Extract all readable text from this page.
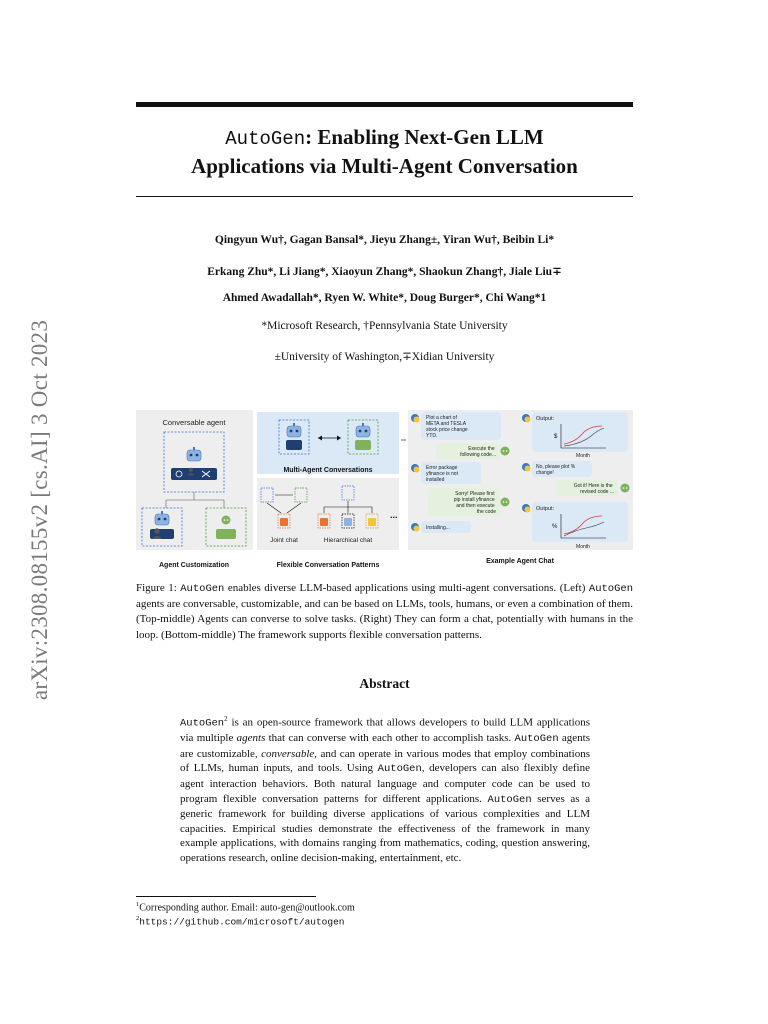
arXiv:2308.08155v2 [cs.AI] 3 Oct 2023
AutoGen: Enabling Next-Gen LLM
Applications via Multi-Agent Conversation
Qingyun Wu†, Gagan Bansal*, Jieyu Zhang±, Yiran Wu†, Beibin Li*
Erkang Zhu*, Li Jiang*, Xiaoyun Zhang*, Shaokun Zhang†, Jiale Liu∓
Ahmed Awadallah*, Ryen W. White*, Doug Burger*, Chi Wang*1
*Microsoft Research, †Pennsylvania State University
±University of Washington,∓Xidian University
Conversable agent
Agent Customization
Multi-Agent Conversations
Joint chat	Hierarchical chat
...
Flexible Conversation Patterns
Plot a chart of META and TESLA stock price change YTD.
Execute the following code...
Error package yfinance is not installed
Sorry! Please first pip install yfinance and then execute the code
Installing...
Output:
$
Month
No, please plot % change!
Got it! Here is the revised code ...
Output:
%
Month
Example Agent Chat
Figure 1: AutoGen enables diverse LLM-based applications using multi-agent conversations. (Left) AutoGen agents are conversable, customizable, and can be based on LLMs, tools, humans, or even a combination of them. (Top-middle) Agents can converse to solve tasks. (Right) They can form a chat, potentially with humans in the loop. (Bottom-middle) The framework supports flexible conversation patterns.
Abstract
AutoGen$^2$ is an open-source framework that allows developers to build LLM applications via multiple agents that can converse with each other to accomplish tasks. AutoGen agents are customizable, conversable, and can operate in various modes that employ combinations of LLMs, human inputs, and tools. Using AutoGen, developers can also flexibly define agent interaction behaviors. Both natural language and computer code can be used to program flexible conversation patterns for different applications. AutoGen serves as a generic framework for building diverse applications of various complexities and LLM capacities. Empirical studies demonstrate the effectiveness of the framework in many example applications, with domains ranging from mathematics, coding, question answering, operations research, online decision-making, entertainment, etc.
$^1$Corresponding author. Email: auto-gen@outlook.com
$^2$https://github.com/microsoft/autogen
